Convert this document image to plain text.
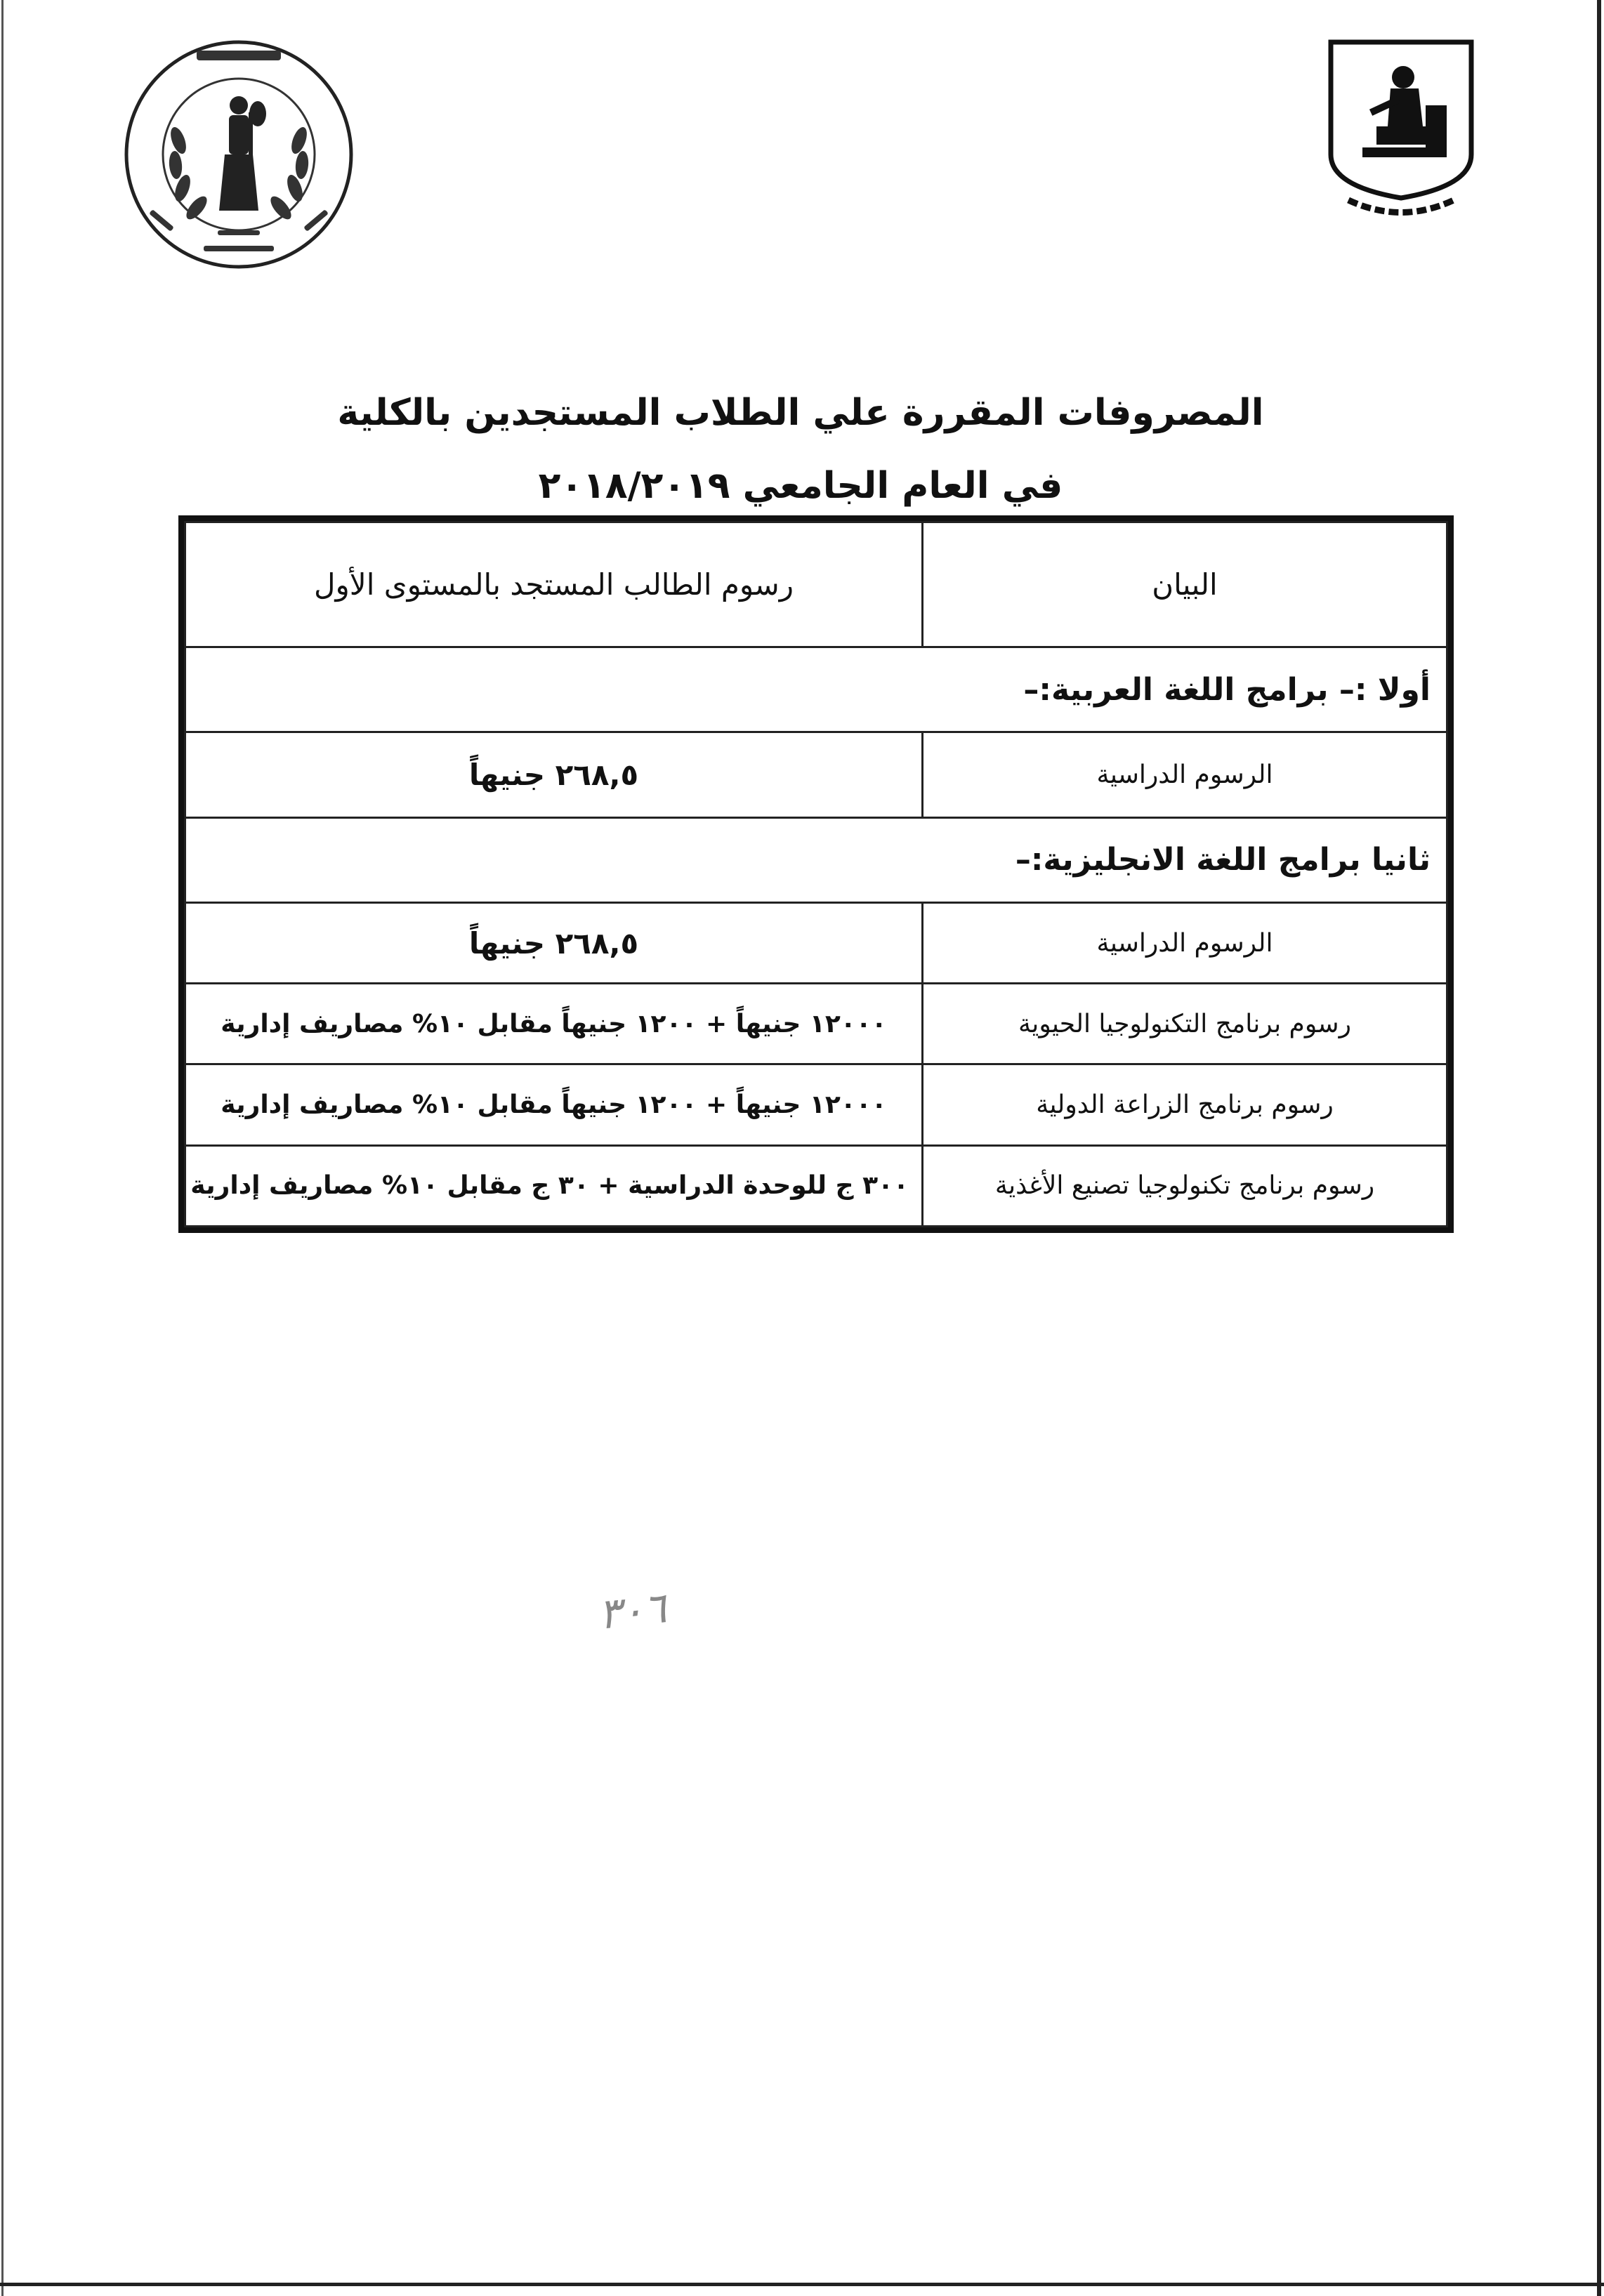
المصروفات المقررة علي الطلاب المستجدين بالكلية
في العام الجامعي ٢٠١٨/٢٠١٩
البيان	رسوم الطالب المستجد بالمستوى الأول
أولا :– برامج اللغة العربية:–	
الرسوم الدراسية	٢٦٨,٥ جنيهاً
ثانيا برامج اللغة الانجليزية:–	
الرسوم الدراسية	٢٦٨,٥ جنيهاً
رسوم برنامج التكنولوجيا الحيوية	١٢٠٠٠ جنيهاً + ١٢٠٠ جنيهاً مقابل ١٠% مصاريف إدارية
رسوم برنامج الزراعة الدولية	١٢٠٠٠ جنيهاً + ١٢٠٠ جنيهاً مقابل ١٠% مصاريف إدارية
رسوم برنامج تكنولوجيا تصنيع الأغذية	٣٠٠ ج للوحدة الدراسية + ٣٠ ج مقابل ١٠% مصاريف إدارية
٣٠٦
